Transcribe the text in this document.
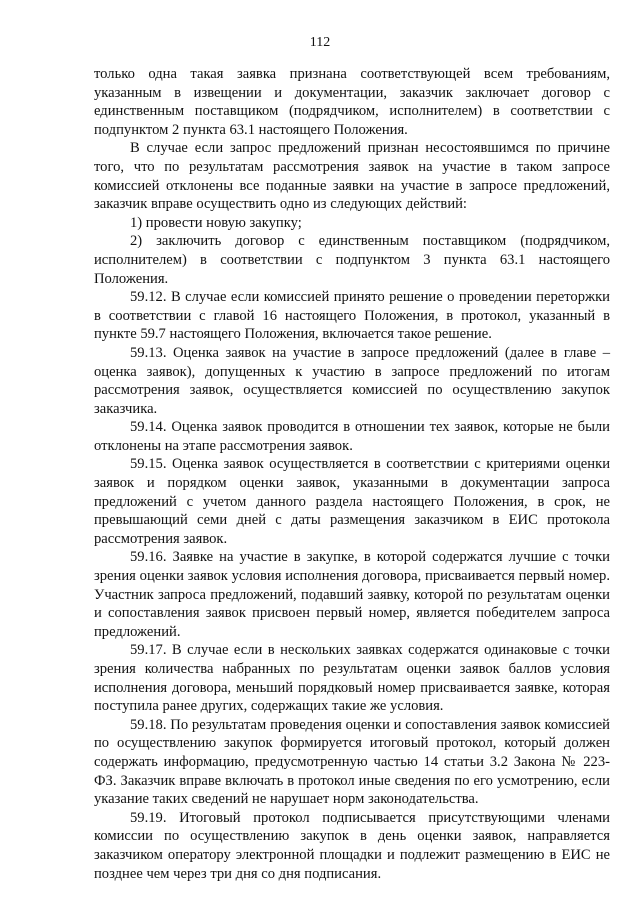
112

только одна такая заявка признана соответствующей всем требованиям, указанным в извещении и документации, заказчик заключает договор с единственным поставщиком (подрядчиком, исполнителем) в соответствии с подпунктом 2 пункта 63.1 настоящего Положения.

В случае если запрос предложений признан несостоявшимся по причине того, что по результатам рассмотрения заявок на участие в таком запросе комиссией отклонены все поданные заявки на участие в запросе предложений, заказчик вправе осуществить одно из следующих действий:

1) провести новую закупку;

2) заключить договор с единственным поставщиком (подрядчиком, исполнителем) в соответствии с подпунктом 3 пункта 63.1 настоящего Положения.

59.12. В случае если комиссией принято решение о проведении переторжки в соответствии с главой 16 настоящего Положения, в протокол, указанный в пункте 59.7 настоящего Положения, включается такое решение.

59.13. Оценка заявок на участие в запросе предложений (далее в главе – оценка заявок), допущенных к участию в запросе предложений по итогам рассмотрения заявок, осуществляется комиссией по осуществлению закупок заказчика.

59.14. Оценка заявок проводится в отношении тех заявок, которые не были отклонены на этапе рассмотрения заявок.

59.15. Оценка заявок осуществляется в соответствии с критериями оценки заявок и порядком оценки заявок, указанными в документации запроса предложений с учетом данного раздела настоящего Положения, в срок, не превышающий семи дней с даты размещения заказчиком в ЕИС протокола рассмотрения заявок.

59.16. Заявке на участие в закупке, в которой содержатся лучшие с точки зрения оценки заявок условия исполнения договора, присваивается первый номер. Участник запроса предложений, подавший заявку, которой по результатам оценки и сопоставления заявок присвоен первый номер, является победителем запроса предложений.

59.17. В случае если в нескольких заявках содержатся одинаковые с точки зрения количества набранных по результатам оценки заявок баллов условия исполнения договора, меньший порядковый номер присваивается заявке, которая поступила ранее других, содержащих такие же условия.

59.18. По результатам проведения оценки и сопоставления заявок комиссией по осуществлению закупок формируется итоговый протокол, который должен содержать информацию, предусмотренную частью 14 статьи 3.2 Закона № 223-ФЗ. Заказчик вправе включать в протокол иные сведения по его усмотрению, если указание таких сведений не нарушает норм законодательства.

59.19. Итоговый протокол подписывается присутствующими членами комиссии по осуществлению закупок в день оценки заявок, направляется заказчиком оператору электронной площадки и подлежит размещению в ЕИС не позднее чем через три дня со дня подписания.
